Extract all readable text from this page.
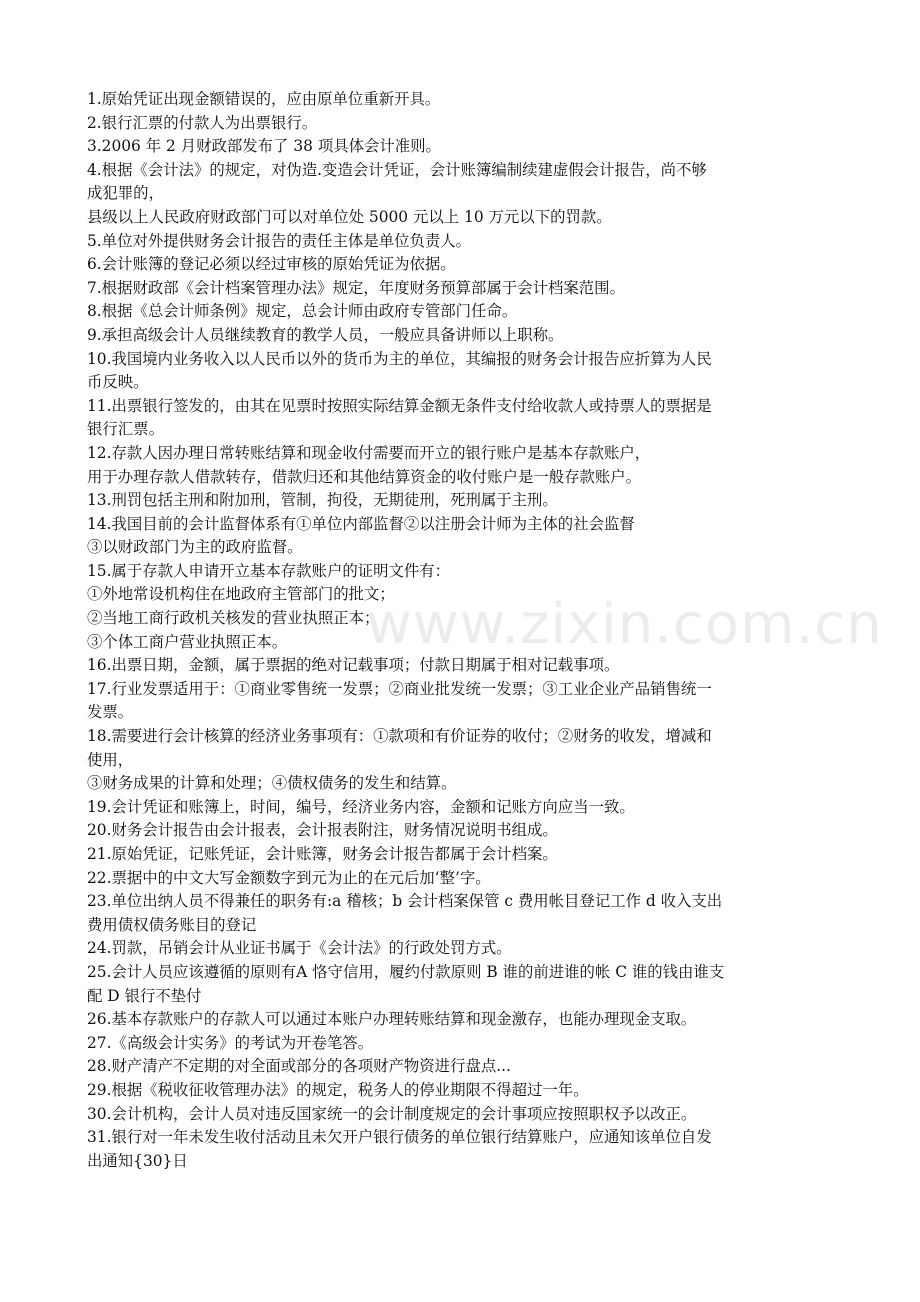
www.zixin.com.cn
1.原始凭证出现金额错误的，应由原单位重新开具。
2.银行汇票的付款人为出票银行。
3.2006 年 2 月财政部发布了 38 项具体会计准则。
4.根据《会计法》的规定，对伪造.变造会计凭证，会计账簿编制续建虚假会计报告，尚不够
成犯罪的，
县级以上人民政府财政部门可以对单位处 5000 元以上 10 万元以下的罚款。
5.单位对外提供财务会计报告的责任主体是单位负责人。
6.会计账簿的登记必须以经过审核的原始凭证为依据。
7.根据财政部《会计档案管理办法》规定，年度财务预算部属于会计档案范围。
8.根据《总会计师条例》规定，总会计师由政府专管部门任命。
9.承担高级会计人员继续教育的教学人员，一般应具备讲师以上职称。
10.我国境内业务收入以人民币以外的货币为主的单位，其编报的财务会计报告应折算为人民
币反映。
11.出票银行签发的，由其在见票时按照实际结算金额无条件支付给收款人或持票人的票据是
银行汇票。
12.存款人因办理日常转账结算和现金收付需要而开立的银行账户是基本存款账户，
用于办理存款人借款转存，借款归还和其他结算资金的收付账户是一般存款账户。
13.刑罚包括主刑和附加刑，管制，拘役，无期徒刑，死刑属于主刑。
14.我国目前的会计监督体系有①单位内部监督②以注册会计师为主体的社会监督
③以财政部门为主的政府监督。
15.属于存款人申请开立基本存款账户的证明文件有：
①外地常设机构住在地政府主管部门的批文；
②当地工商行政机关核发的营业执照正本；
③个体工商户营业执照正本。
16.出票日期，金额，属于票据的绝对记载事项；付款日期属于相对记载事项。
17.行业发票适用于：①商业零售统一发票；②商业批发统一发票；③工业企业产品销售统一
发票。
18.需要进行会计核算的经济业务事项有：①款项和有价证券的收付；②财务的收发，增减和
使用，
③财务成果的计算和处理；④债权债务的发生和结算。
19.会计凭证和账簿上，时间，编号，经济业务内容，金额和记账方向应当一致。
20.财务会计报告由会计报表，会计报表附注，财务情况说明书组成。
21.原始凭证，记账凭证，会计账簿，财务会计报告都属于会计档案。
22.票据中的中文大写金额数字到元为止的在元后加‘整’字。
23.单位出纳人员不得兼任的职务有:a 稽核；b 会计档案保管 c 费用帐目登记工作 d 收入支出
费用债权债务账目的登记
24.罚款，吊销会计从业证书属于《会计法》的行政处罚方式。
25.会计人员应该遵循的原则有A 恪守信用，履约付款原则 B 谁的前进谁的帐 C 谁的钱由谁支
配 D 银行不垫付
26.基本存款账户的存款人可以通过本账户办理转账结算和现金激存，也能办理现金支取。
27.《高级会计实务》的考试为开卷笔答。
28.财产清产不定期的对全面或部分的各项财产物资进行盘点...
29.根据《税收征收管理办法》的规定，税务人的停业期限不得超过一年。
30.会计机构，会计人员对违反国家统一的会计制度规定的会计事项应按照职权予以改正。
31.银行对一年未发生收付活动且未欠开户银行债务的单位银行结算账户，应通知该单位自发
出通知{30}日
